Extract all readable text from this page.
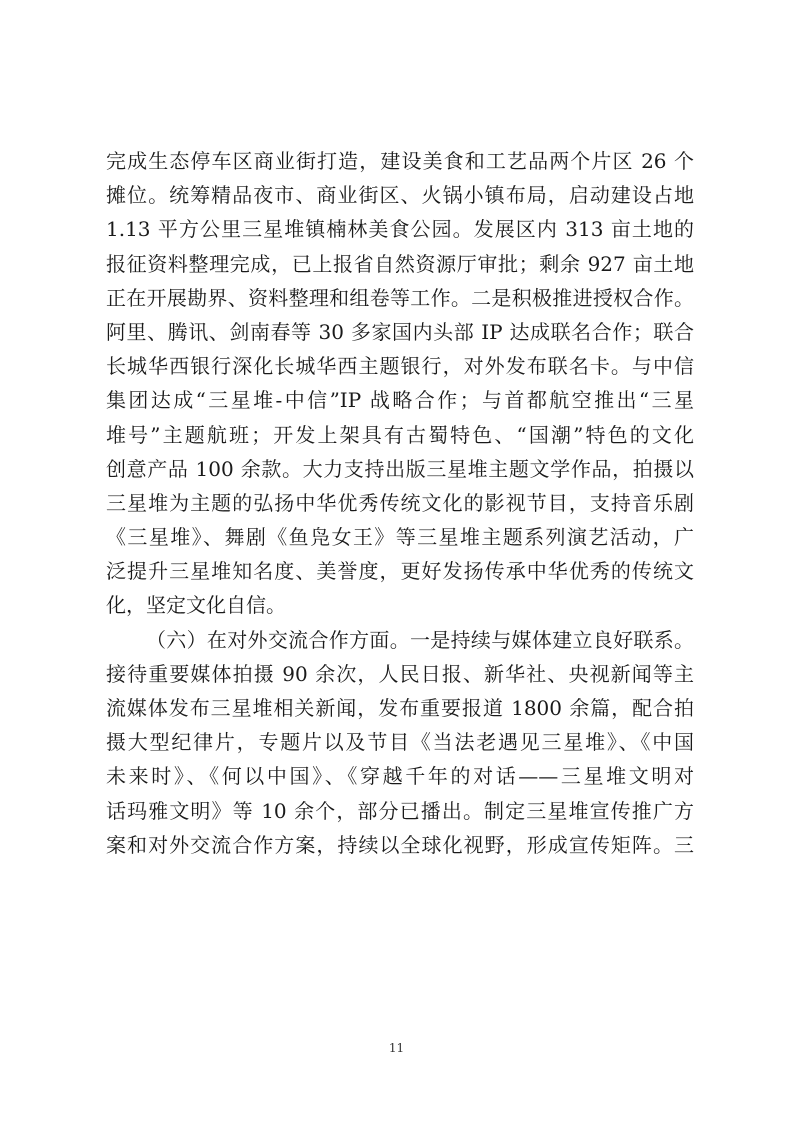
完成生态停车区商业街打造，建设美食和工艺品两个片区 26 个
摊位。统筹精品夜市、商业街区、火锅小镇布局，启动建设占地
1.13 平方公里三星堆镇楠林美食公园。发展区内 313 亩土地的
报征资料整理完成，已上报省自然资源厅审批；剩余 927 亩土地
正在开展勘界、资料整理和组卷等工作。二是积极推进授权合作。
阿里、腾讯、剑南春等 30 多家国内头部 IP 达成联名合作；联合
长城华西银行深化长城华西主题银行，对外发布联名卡。与中信
集团达成“三星堆-中信”IP 战略合作；与首都航空推出“三星
堆号”主题航班；开发上架具有古蜀特色、“国潮”特色的文化
创意产品 100 余款。大力支持出版三星堆主题文学作品，拍摄以
三星堆为主题的弘扬中华优秀传统文化的影视节目，支持音乐剧
《三星堆》、舞剧《鱼凫女王》等三星堆主题系列演艺活动，广
泛提升三星堆知名度、美誉度，更好发扬传承中华优秀的传统文
化，坚定文化自信。
（六）在对外交流合作方面。一是持续与媒体建立良好联系。
接待重要媒体拍摄 90 余次，人民日报、新华社、央视新闻等主
流媒体发布三星堆相关新闻，发布重要报道 1800 余篇，配合拍
摄大型纪律片，专题片以及节目《当法老遇见三星堆》、《中国
未来时》、《何以中国》、《穿越千年的对话——三星堆文明对
话玛雅文明》等 10 余个，部分已播出。制定三星堆宣传推广方
案和对外交流合作方案，持续以全球化视野，形成宣传矩阵。三
11
